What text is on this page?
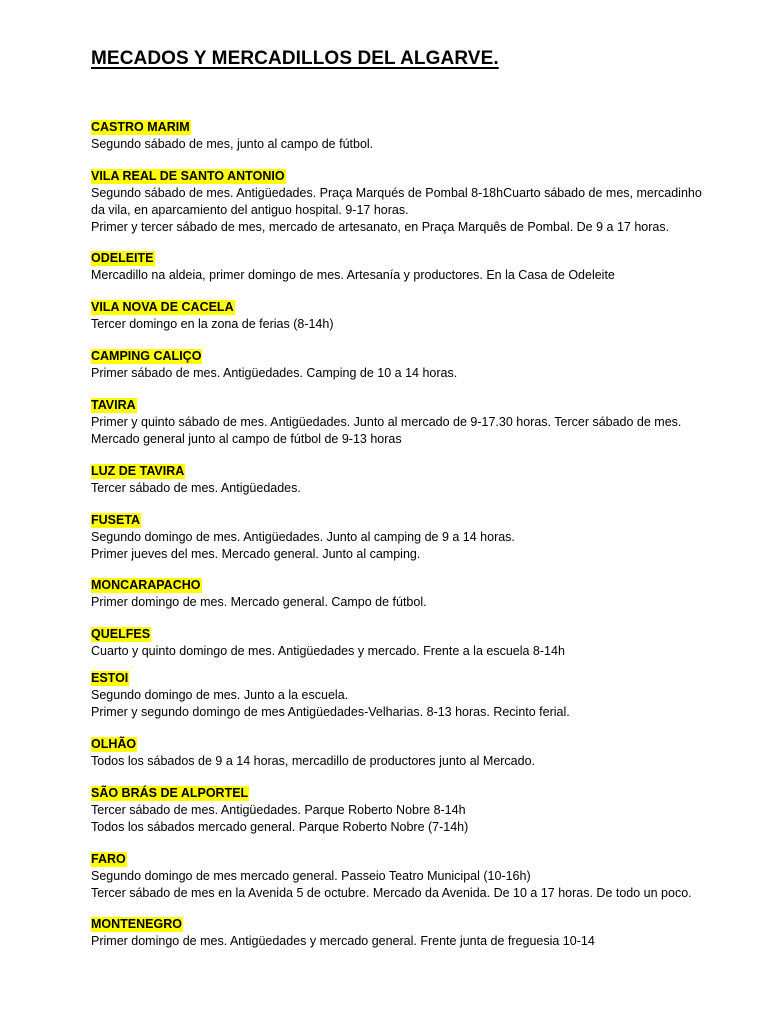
MECADOS Y MERCADILLOS DEL ALGARVE.
CASTRO MARIM

Segundo sábado de mes, junto al campo de fútbol.

VILA REAL DE SANTO ANTONIO

Segundo sábado de mes. Antigüedades. Praça Marqués de Pombal 8-18hCuarto sábado de mes, mercadinho

da vila, en aparcamiento del antiguo hospital. 9-17 horas.

Primer y tercer sábado de mes, mercado de artesanato, en Praça Marquês de Pombal. De 9 a 17 horas.

ODELEITE

Mercadillo na aldeia, primer domingo de mes. Artesanía y productores. En la Casa de Odeleite

VILA NOVA DE CACELA

Tercer domingo en la zona de ferias (8-14h)

CAMPING CALIÇO

Primer sábado de mes. Antigüedades. Camping de 10 a 14 horas.

TAVIRA

Primer y quinto sábado de mes. Antigüedades. Junto al mercado de 9-17.30 horas. Tercer sábado de mes.

Mercado general junto al campo de fútbol de 9-13 horas

LUZ DE TAVIRA

Tercer sábado de mes. Antigüedades.

FUSETA

Segundo domingo de mes. Antigüedades. Junto al camping de 9 a 14 horas.

Primer jueves del mes. Mercado general. Junto al camping.

MONCARAPACHO

Primer domingo de mes. Mercado general. Campo de fútbol.

QUELFES

Cuarto y quinto domingo de mes. Antigüedades y mercado. Frente a la escuela 8-14h

ESTOI

Segundo domingo de mes. Junto a la escuela.

Primer y segundo domingo de mes Antigüedades-Velharias. 8-13 horas. Recinto ferial.

OLHÃO

Todos los sábados de 9 a 14 horas, mercadillo de productores junto al Mercado.

SÃO BRÁS DE ALPORTEL

Tercer sábado de mes. Antigüedades. Parque Roberto Nobre 8-14h

Todos los sábados mercado general. Parque Roberto Nobre (7-14h)

FARO

Segundo domingo de mes mercado general. Passeio Teatro Municipal (10-16h)

Tercer sábado de mes en la Avenida 5 de octubre. Mercado da Avenida. De 10 a 17 horas. De todo un poco.

MONTENEGRO

Primer domingo de mes. Antigüedades y mercado general. Frente junta de freguesia 10-14
